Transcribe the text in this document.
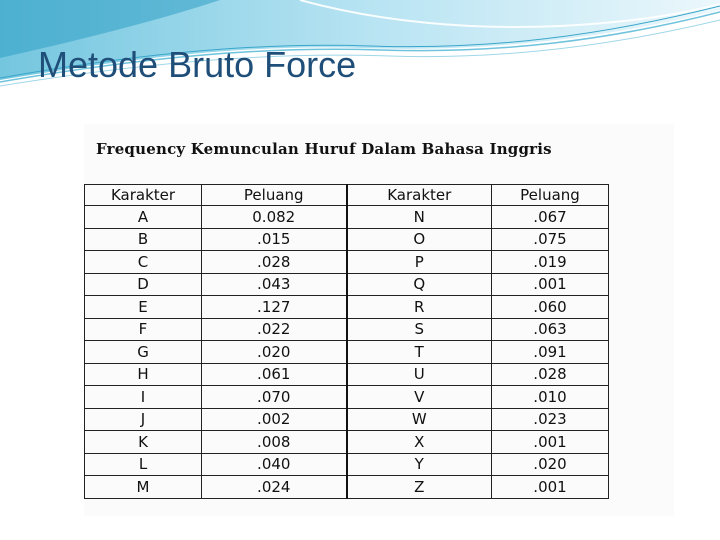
Metode Bruto Force
Frequency Kemunculan Huruf Dalam Bahasa Inggris
Karakter	Peluang	Karakter	Peluang
A	0.082	N	.067
B	.015	O	.075
C	.028	P	.019
D	.043	Q	.001
E	.127	R	.060
F	.022	S	.063
G	.020	T	.091
H	.061	U	.028
I	.070	V	.010
J	.002	W	.023
K	.008	X	.001
L	.040	Y	.020
M	.024	Z	.001
